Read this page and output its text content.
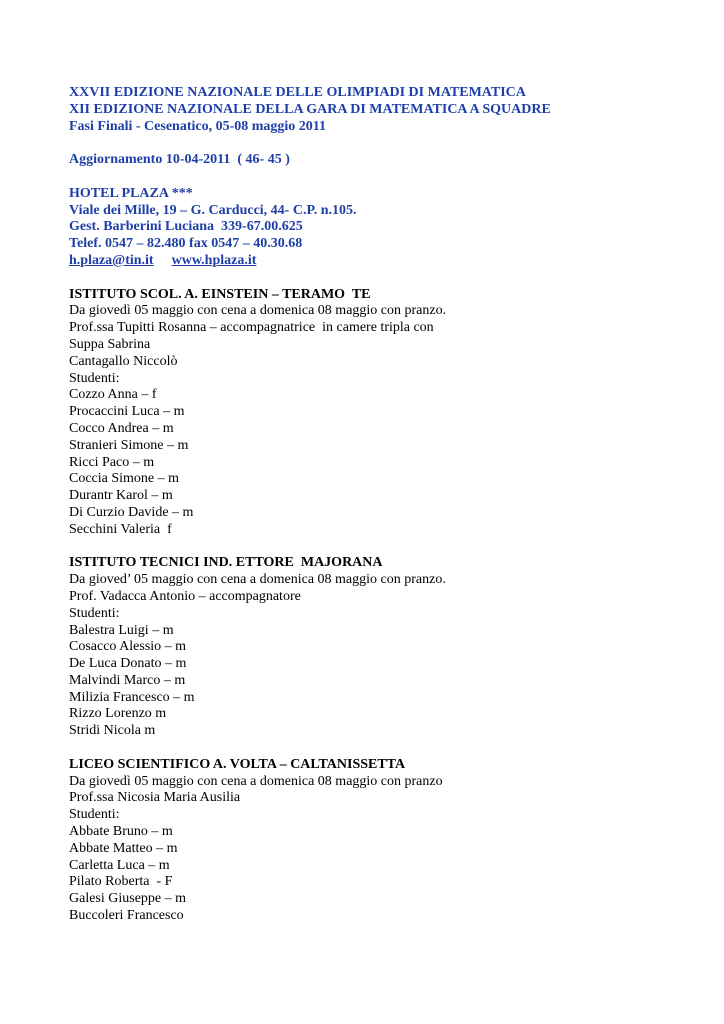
XXVII EDIZIONE NAZIONALE DELLE OLIMPIADI DI MATEMATICA
XII EDIZIONE NAZIONALE DELLA GARA DI MATEMATICA A SQUADRE
Fasi Finali - Cesenatico, 05-08 maggio 2011
Aggiornamento 10-04-2011  ( 46- 45 )
HOTEL PLAZA ***
Viale dei Mille, 19 – G. Carducci, 44- C.P. n.105.
Gest. Barberini Luciana  339-67.00.625
Telef. 0547 – 82.480 fax 0547 – 40.30.68
h.plaza@tin.it www.hplaza.it
ISTITUTO SCOL. A. EINSTEIN – TERAMO  TE
Da giovedì 05 maggio con cena a domenica 08 maggio con pranzo.
Prof.ssa Tupitti Rosanna – accompagnatrice  in camere tripla con
Suppa Sabrina
Cantagallo Niccolò
Studenti:
Cozzo Anna – f
Procaccini Luca – m
Cocco Andrea – m
Stranieri Simone – m
Ricci Paco – m
Coccia Simone – m
Durantr Karol – m
Di Curzio Davide – m
Secchini Valeria  f
ISTITUTO TECNICI IND. ETTORE  MAJORANA
Da gioved’ 05 maggio con cena a domenica 08 maggio con pranzo.
Prof. Vadacca Antonio – accompagnatore
Studenti:
Balestra Luigi – m
Cosacco Alessio – m
De Luca Donato – m
Malvindi Marco – m
Milizia Francesco – m
Rizzo Lorenzo m
Stridi Nicola m
LICEO SCIENTIFICO A. VOLTA – CALTANISSETTA
Da giovedì 05 maggio con cena a domenica 08 maggio con pranzo
Prof.ssa Nicosia Maria Ausilia
Studenti:
Abbate Bruno – m
Abbate Matteo – m
Carletta Luca – m
Pilato Roberta  - F
Galesi Giuseppe – m
Buccoleri Francesco
